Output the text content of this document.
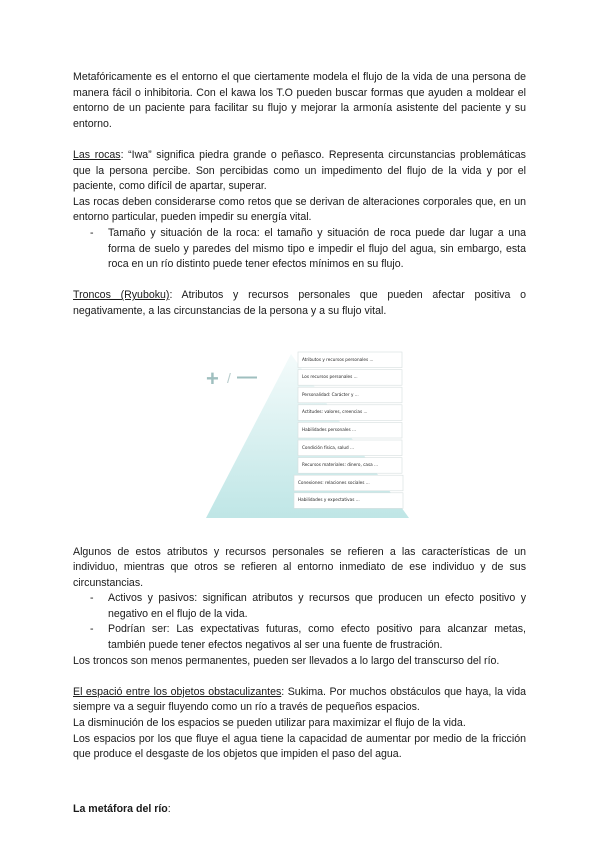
Metafóricamente es el entorno el que ciertamente modela el flujo de la vida de una persona de manera fácil o inhibitoria. Con el kawa los T.O pueden buscar formas que ayuden a moldear el entorno de un paciente para facilitar su flujo y mejorar la armonía asistente del paciente y su entorno.

Las rocas: “Iwa” significa piedra grande o peñasco. Representa circunstancias problemáticas que la persona percibe. Son percibidas como un impedimento del flujo de la vida y por el paciente, como difícil de apartar, superar.

Las rocas deben considerarse como retos que se derivan de alteraciones corporales que, en un entorno particular, pueden impedir su energía vital.

- Tamaño y situación de la roca: el tamaño y situación de roca puede dar lugar a una forma de suelo y paredes del mismo tipo e impedir el flujo del agua, sin embargo, esta roca en un río distinto puede tener efectos mínimos en su flujo.

Troncos (Ryuboku): Atributos y recursos personales que pueden afectar positiva o negativamente, a las circunstancias de la persona y a su flujo vital.

+ / —
Atributos y recursos personales ...
Los recursos personales ...
Personalidad: Carácter y ...
Actitudes: valores, creencias ...
Habilidades personales ...
Condición física, salud ...
Recursos materiales: dinero, casa ...
Conexiones: relaciones sociales ...
Habilidades y expectativas ...

Algunos de estos atributos y recursos personales se refieren a las características de un individuo, mientras que otros se refieren al entorno inmediato de ese individuo y de sus circunstancias.

- Activos y pasivos: significan atributos y recursos que producen un efecto positivo y negativo en el flujo de la vida.
- Podrían ser: Las expectativas futuras, como efecto positivo para alcanzar metas, también puede tener efectos negativos al ser una fuente de frustración.

Los troncos son menos permanentes, pueden ser llevados a lo largo del transcurso del río.

El espació entre los objetos obstaculizantes: Sukima. Por muchos obstáculos que haya, la vida siempre va a seguir fluyendo como un río a través de pequeños espacios.

La disminución de los espacios se pueden utilizar para maximizar el flujo de la vida.

Los espacios por los que fluye el agua tiene la capacidad de aumentar por medio de la fricción que produce el desgaste de los objetos que impiden el paso del agua.

La metáfora del río:
